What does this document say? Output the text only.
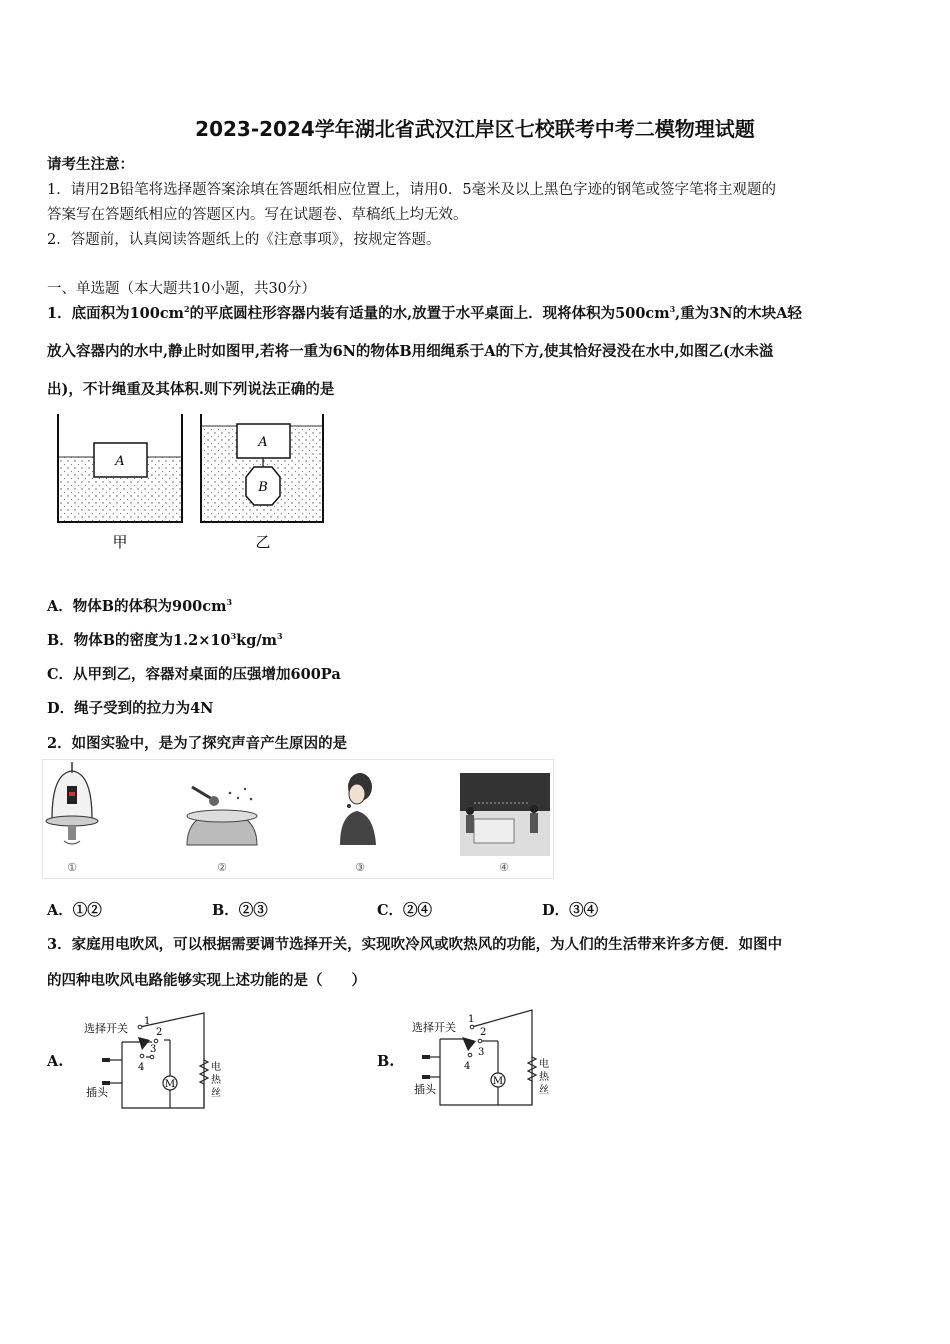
2023-2024学年湖北省武汉江岸区七校联考中考二模物理试题
请考生注意：
1．请用2B铅笔将选择题答案涂填在答题纸相应位置上，请用0．5毫米及以上黑色字迹的钢笔或签字笔将主观题的
答案写在答题纸相应的答题区内。写在试题卷、草稿纸上均无效。
2．答题前，认真阅读答题纸上的《注意事项》，按规定答题。
一、单选题（本大题共10小题，共30分）
1．底面积为$100cm^2$的平底圆柱形容器内装有适量的水,放置于水平桌面上．现将体积为$500cm^3$,重为3N的木块A轻
放入容器内的水中,静止时如图甲,若将一重为6N的物体B用细绳系于A的下方,使其恰好浸没在水中,如图乙(水未溢
出)，不计绳重及其体积.则下列说法正确的是
A
A
B
甲	乙
A．物体B的体积为$900cm^3$
B．物体B的密度为$1.2\times 10^3kg/m^3$
C．从甲到乙，容器对桌面的压强增加600Pa
D．绳子受到的拉力为4N
2．如图实验中，是为了探究声音产生原因的是
①	②	③	④
A．①②	B．②③	C．②④	D．③④
3．家庭用电吹风，可以根据需要调节选择开关，实现吹冷风或吹热风的功能，为人们的生活带来许多方便．如图中
的四种电吹风电路能够实现上述功能的是（　　）
A.	B.
选择开关
1
2
3
4
插头
M
电
热
丝
选择开关
1
2
3
4
插头
M
电
热
丝
